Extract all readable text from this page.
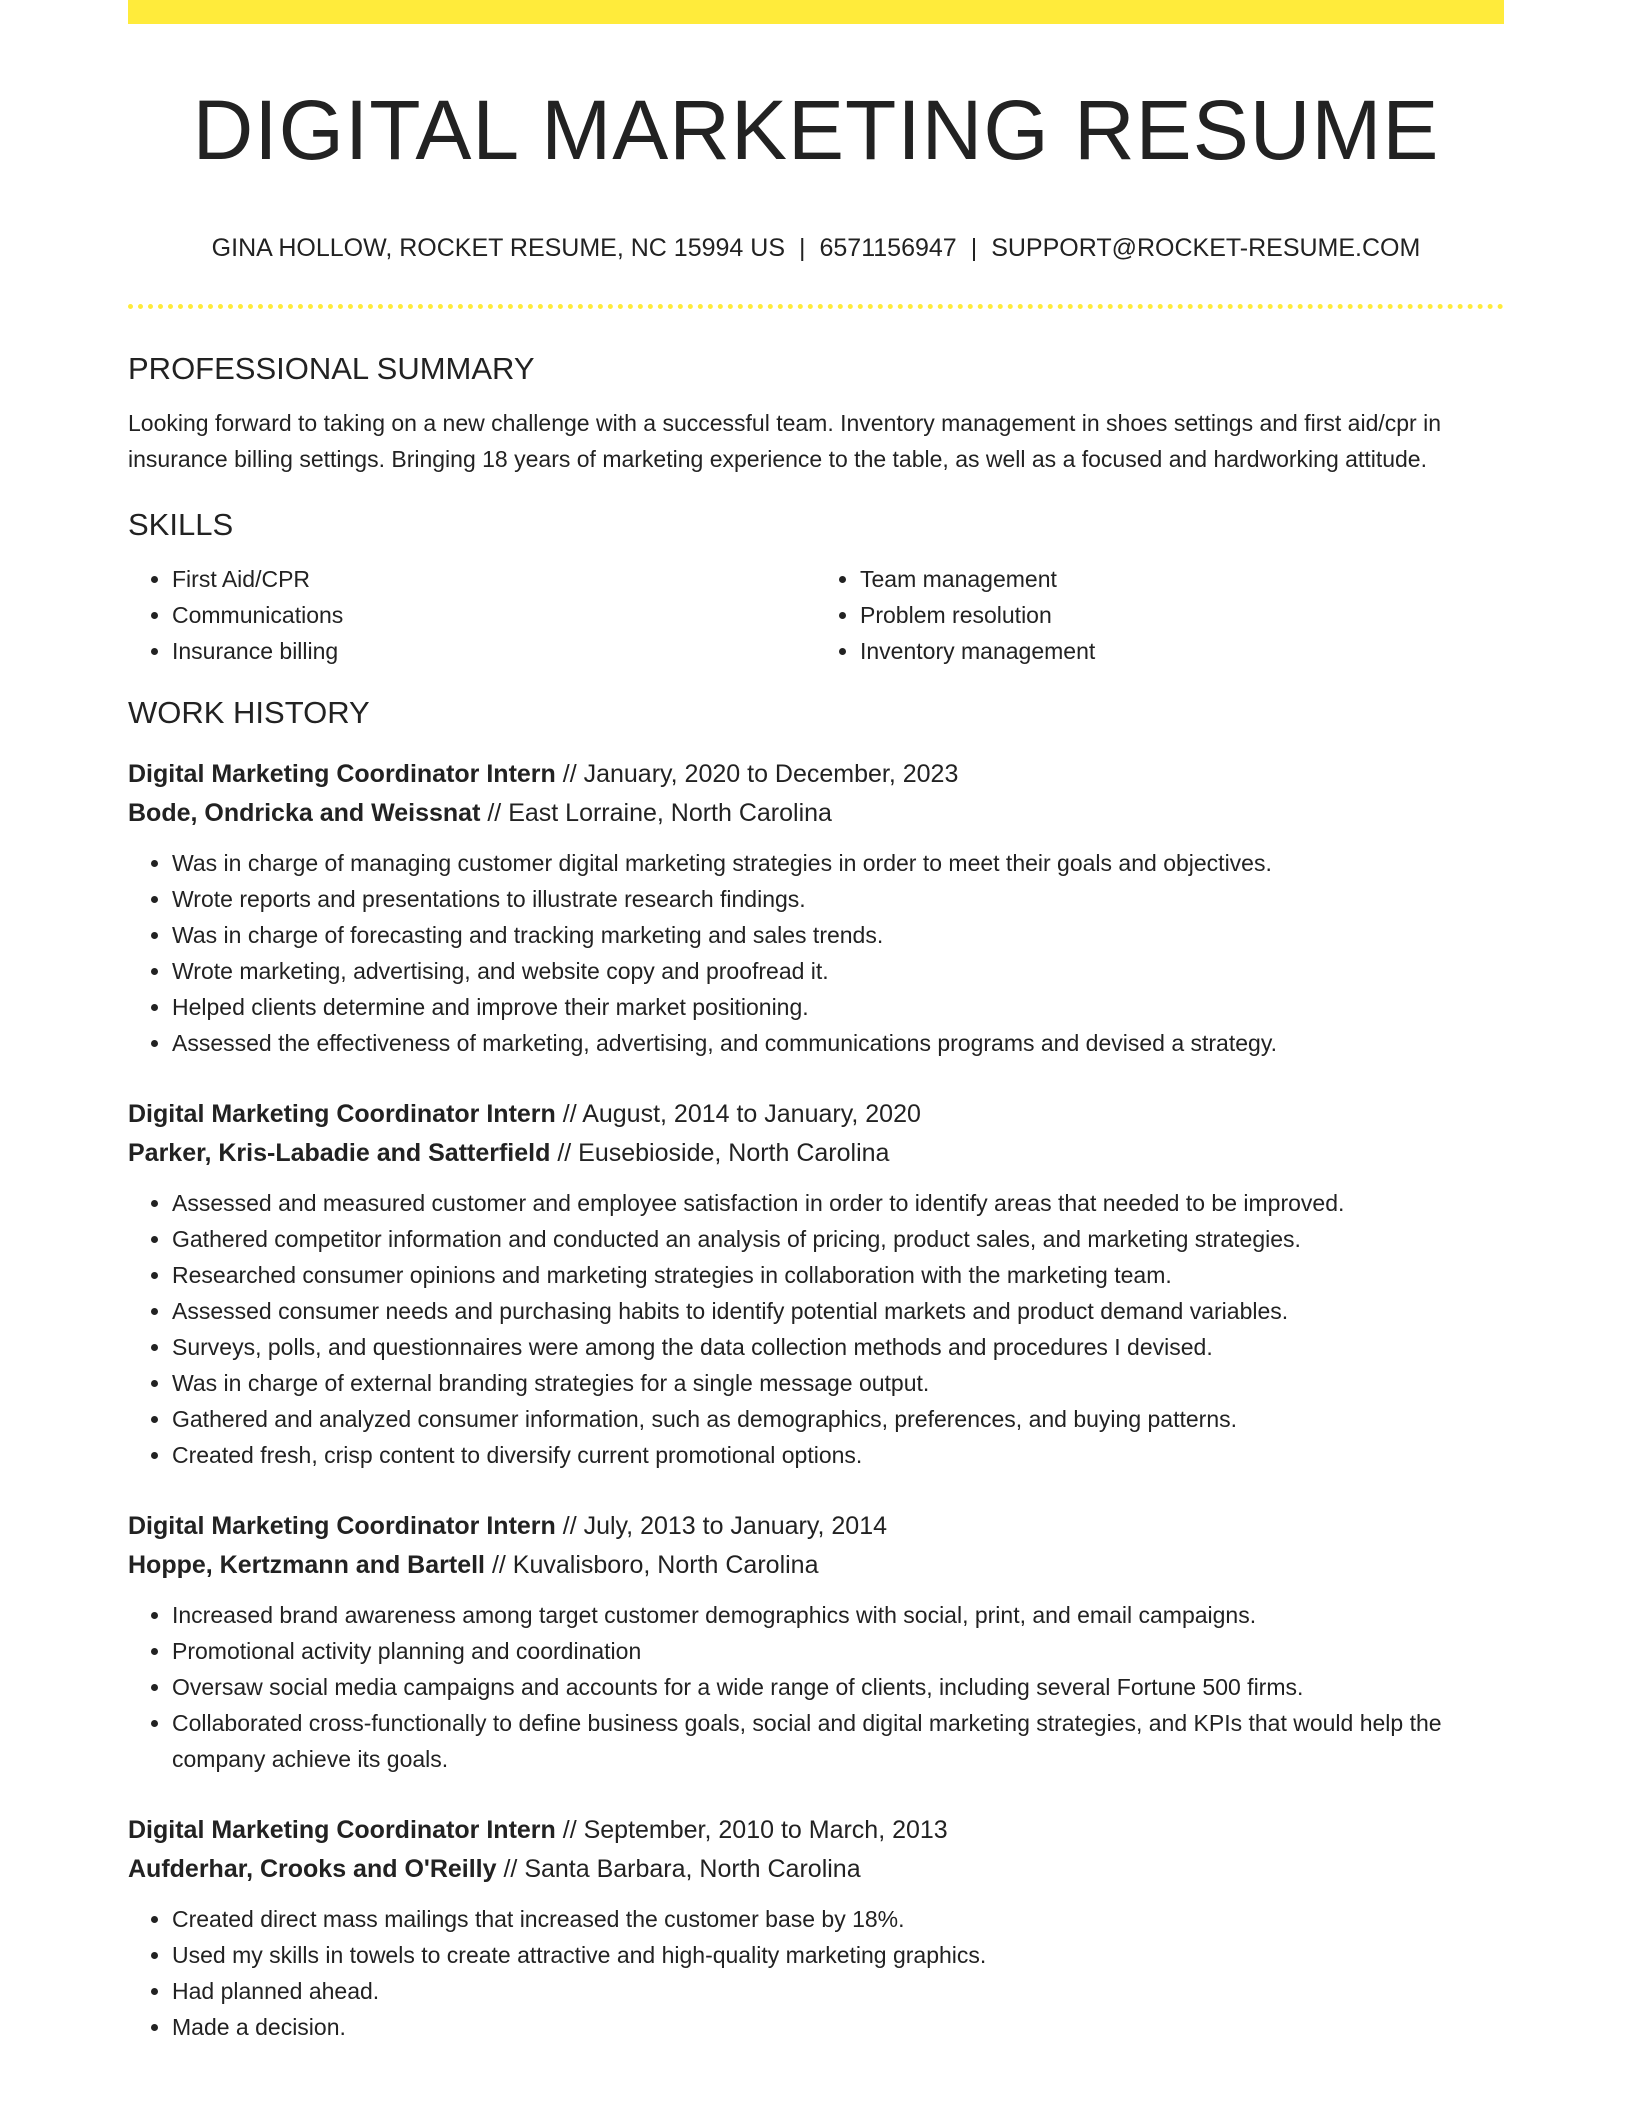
DIGITAL MARKETING RESUME
GINA HOLLOW, ROCKET RESUME, NC 15994 US | 6571156947 | SUPPORT@ROCKET-RESUME.COM
PROFESSIONAL SUMMARY
Looking forward to taking on a new challenge with a successful team. Inventory management in shoes settings and first aid/cpr in insurance billing settings. Bringing 18 years of marketing experience to the table, as well as a focused and hardworking attitude.
SKILLS
• First Aid/CPR
• Communications
• Insurance billing
• Team management
• Problem resolution
• Inventory management
WORK HISTORY
Digital Marketing Coordinator Intern // January, 2020 to December, 2023
Bode, Ondricka and Weissnat // East Lorraine, North Carolina
• Was in charge of managing customer digital marketing strategies in order to meet their goals and objectives.
• Wrote reports and presentations to illustrate research findings.
• Was in charge of forecasting and tracking marketing and sales trends.
• Wrote marketing, advertising, and website copy and proofread it.
• Helped clients determine and improve their market positioning.
• Assessed the effectiveness of marketing, advertising, and communications programs and devised a strategy.
Digital Marketing Coordinator Intern // August, 2014 to January, 2020
Parker, Kris-Labadie and Satterfield // Eusebioside, North Carolina
• Assessed and measured customer and employee satisfaction in order to identify areas that needed to be improved.
• Gathered competitor information and conducted an analysis of pricing, product sales, and marketing strategies.
• Researched consumer opinions and marketing strategies in collaboration with the marketing team.
• Assessed consumer needs and purchasing habits to identify potential markets and product demand variables.
• Surveys, polls, and questionnaires were among the data collection methods and procedures I devised.
• Was in charge of external branding strategies for a single message output.
• Gathered and analyzed consumer information, such as demographics, preferences, and buying patterns.
• Created fresh, crisp content to diversify current promotional options.
Digital Marketing Coordinator Intern // July, 2013 to January, 2014
Hoppe, Kertzmann and Bartell // Kuvalisboro, North Carolina
• Increased brand awareness among target customer demographics with social, print, and email campaigns.
• Promotional activity planning and coordination
• Oversaw social media campaigns and accounts for a wide range of clients, including several Fortune 500 firms.
• Collaborated cross-functionally to define business goals, social and digital marketing strategies, and KPIs that would help the company achieve its goals.
Digital Marketing Coordinator Intern // September, 2010 to March, 2013
Aufderhar, Crooks and O'Reilly // Santa Barbara, North Carolina
• Created direct mass mailings that increased the customer base by 18%.
• Used my skills in towels to create attractive and high-quality marketing graphics.
• Had planned ahead.
• Made a decision.
